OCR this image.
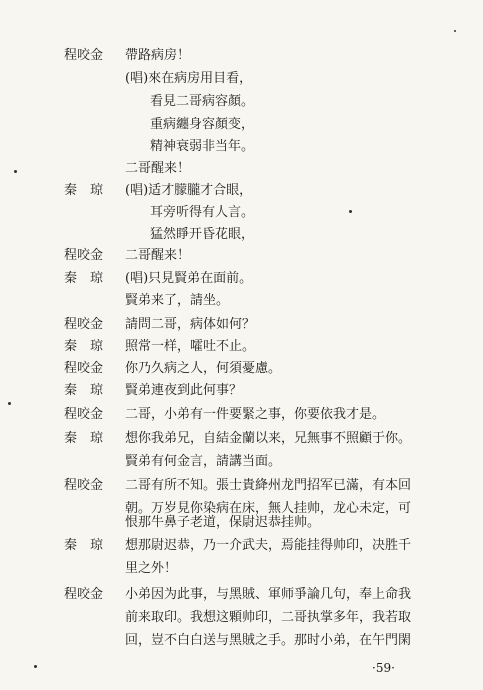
程咬金
秦　琼
程咬金
秦　琼
程咬金
秦　琼
程咬金
秦　琼
程咬金
秦　琼
程咬金
秦　琼
程咬金
帶路病房！
(唱)來在病房用目看，
看見二哥病容顏。
重病纏身容顏变，
精神衰弱非当年。
二哥醒来！
(唱)适才朦朧才合眼，
耳旁听得有人言。
猛然睜开昏花眼，
二哥醒来！
(唱)只見賢弟在面前。
賢弟来了，請坐。
請問二哥，病体如何？
照常一样，嚯吐不止。
你乃久病之人，何須憂慮。
賢弟連夜到此何事？
二哥，小弟有一件要緊之事，你要依我才是。
想你我弟兄，自結金蘭以来，兄無事不照顧于你。
賢弟有何金言，請講当面。
二哥有所不知。張士貴絳州龙門招军已滿，有本回
朝。万岁見你染病在床，無人挂帅，龙心未定，可
恨那牛鼻子老道，保尉迟恭挂帅。
想那尉迟恭，乃一介武夫，焉能挂得帅印，决胜千
里之外！
小弟因为此事，与黑賊、軍师爭論几句，奉上命我
前来取印。我想这顆帅印，二哥执掌多年，我若取
回，豈不白白送与黑賊之手。那时小弟，在午門閑
·59·
